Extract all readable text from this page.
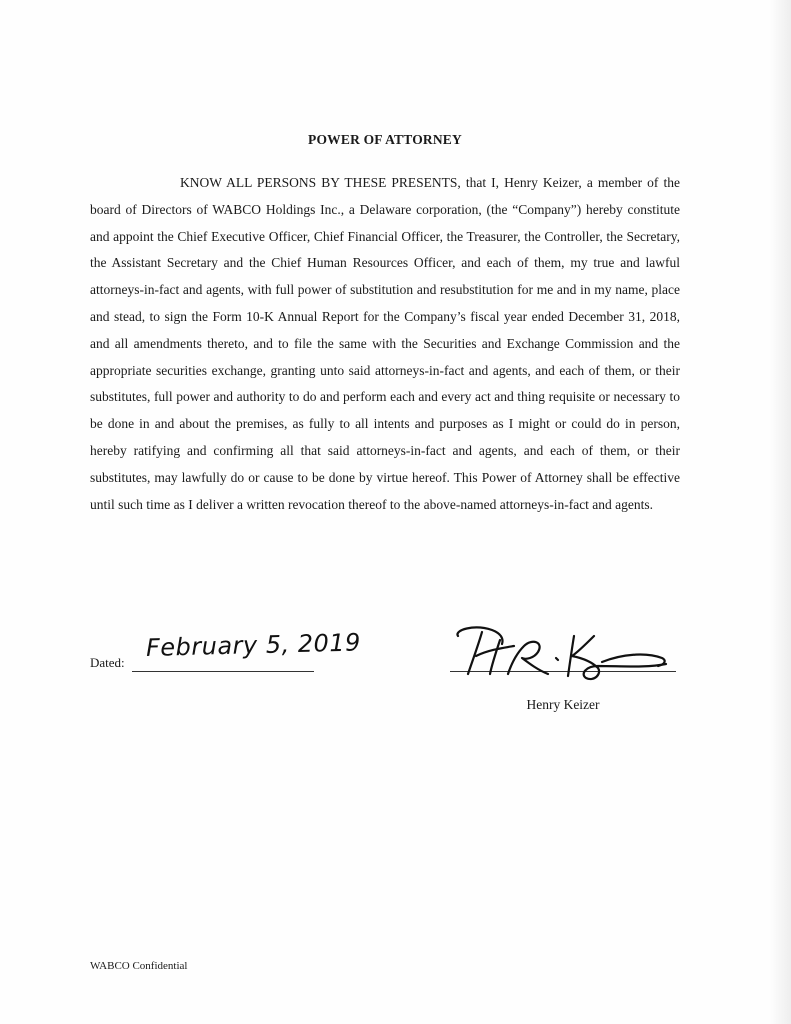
POWER OF ATTORNEY

KNOW ALL PERSONS BY THESE PRESENTS, that I, Henry Keizer, a member of the board of Directors of WABCO Holdings Inc., a Delaware corporation, (the “Company”) hereby constitute and appoint the Chief Executive Officer, Chief Financial Officer, the Treasurer, the Controller, the Secretary, the Assistant Secretary and the Chief Human Resources Officer, and each of them, my true and lawful attorneys-in-fact and agents, with full power of substitution and resubstitution for me and in my name, place and stead, to sign the Form 10-K Annual Report for the Company’s fiscal year ended December 31, 2018, and all amendments thereto, and to file the same with the Securities and Exchange Commission and the appropriate securities exchange, granting unto said attorneys-in-fact and agents, and each of them, or their substitutes, full power and authority to do and perform each and every act and thing requisite or necessary to be done in and about the premises, as fully to all intents and purposes as I might or could do in person, hereby ratifying and confirming all that said attorneys-in-fact and agents, and each of them, or their substitutes, may lawfully do or cause to be done by virtue hereof. This Power of Attorney shall be effective until such time as I deliver a written revocation thereof to the above-named attorneys-in-fact and agents.

Dated:
February 5, 2019
Henry Keizer
WABCO Confidential
